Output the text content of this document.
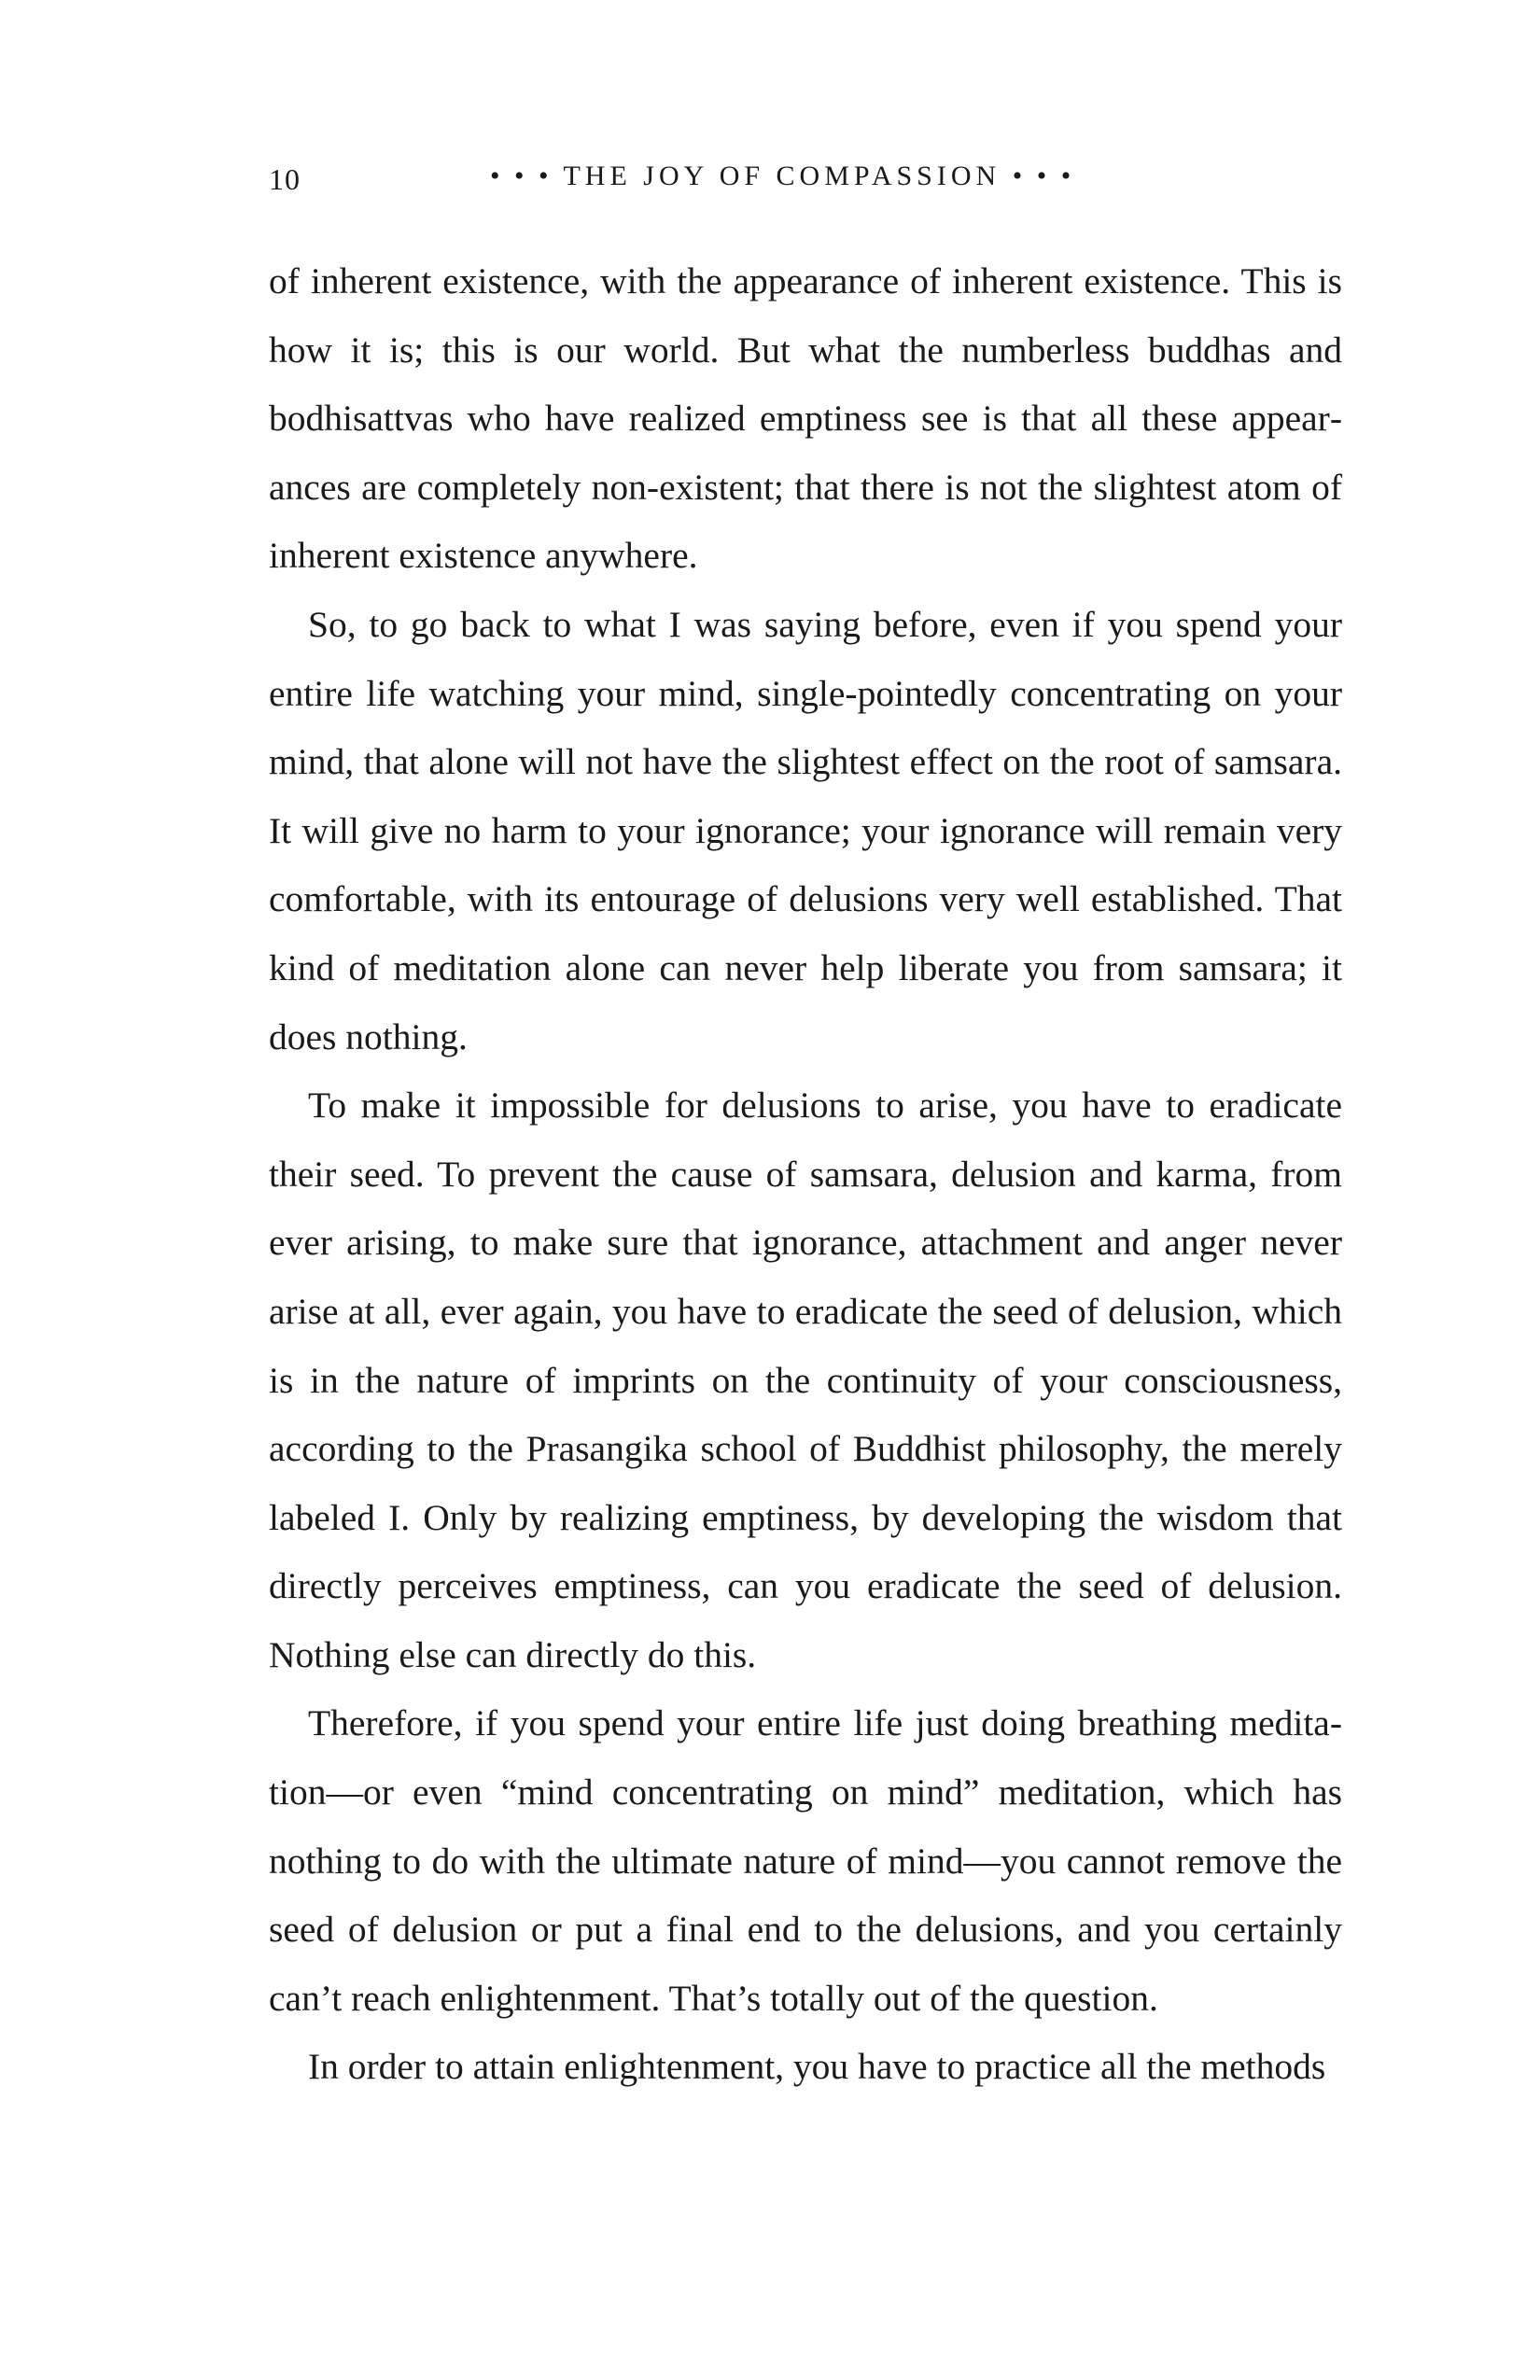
10	• • • THE JOY OF COMPASSION • • •

of inherent existence, with the appearance of inherent existence. This is how it is; this is our world. But what the numberless buddhas and bodhisattvas who have realized emptiness see is that all these appearances are completely non-existent; that there is not the slightest atom of inherent existence anywhere.

So, to go back to what I was saying before, even if you spend your entire life watching your mind, single-pointedly concentrating on your mind, that alone will not have the slightest effect on the root of samsara. It will give no harm to your ignorance; your ignorance will remain very comfortable, with its entourage of delusions very well established. That kind of meditation alone can never help liberate you from samsara; it does nothing.

To make it impossible for delusions to arise, you have to eradicate their seed. To prevent the cause of samsara, delusion and karma, from ever arising, to make sure that ignorance, attachment and anger never arise at all, ever again, you have to eradicate the seed of delusion, which is in the nature of imprints on the continuity of your consciousness, according to the Prasangika school of Buddhist philosophy, the merely labeled I. Only by realizing emptiness, by developing the wisdom that directly perceives emptiness, can you eradicate the seed of delusion. Nothing else can directly do this.

Therefore, if you spend your entire life just doing breathing meditation—or even “mind concentrating on mind” meditation, which has nothing to do with the ultimate nature of mind—you cannot remove the seed of delusion or put a final end to the delusions, and you certainly can’t reach enlightenment. That’s totally out of the question.

In order to attain enlightenment, you have to practice all the methods
